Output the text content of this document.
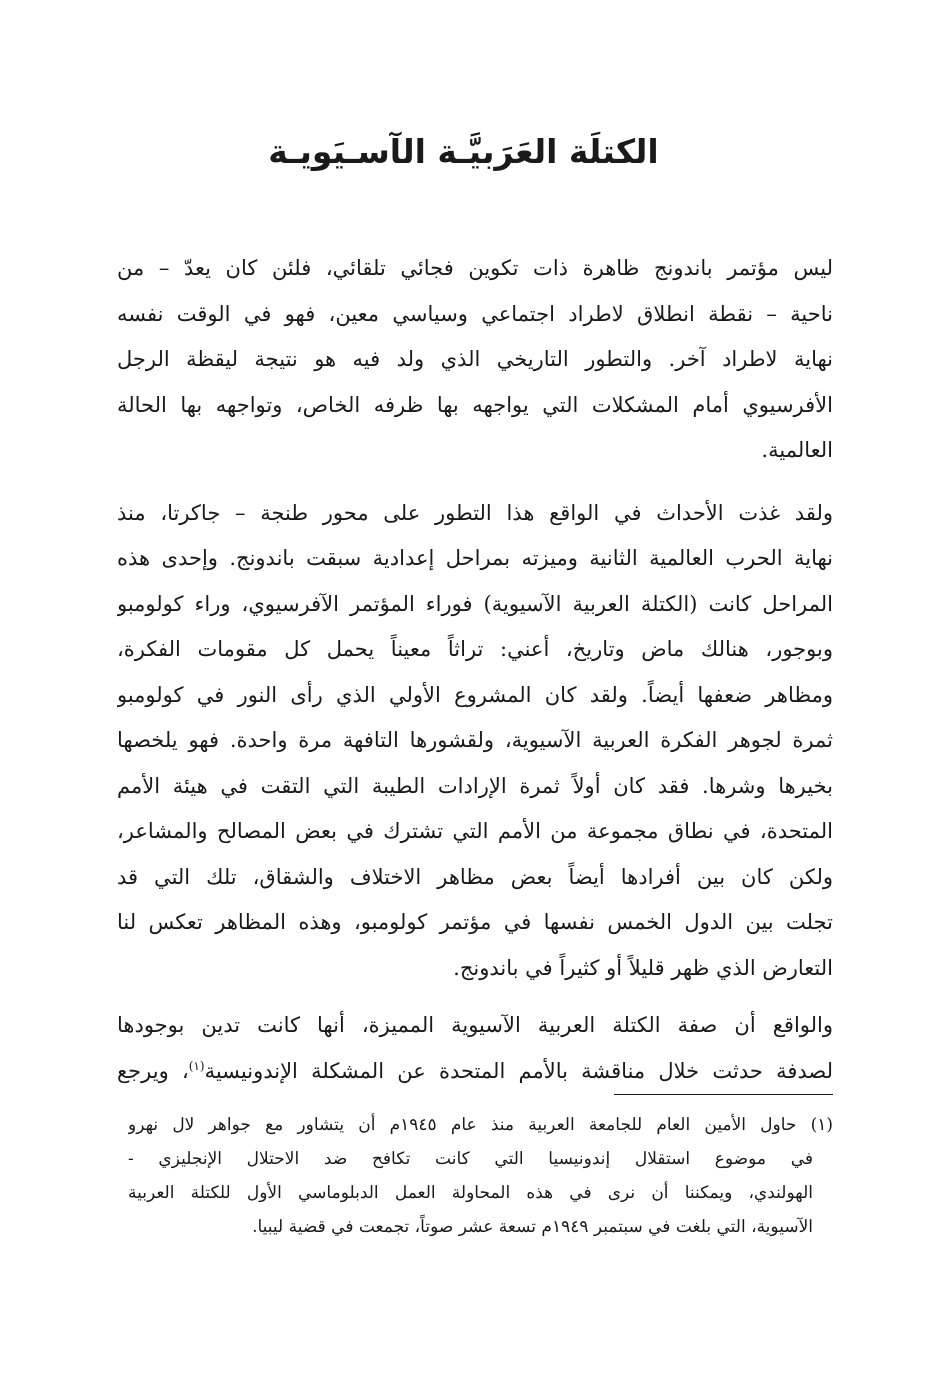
الكتلَة العَرَبيَّـة الآسـيَويـة
ليس مؤتمر باندونج ظاهرة ذات تكوين فجائي تلقائي، فلئن كان يعدّ – من
ناحية – نقطة انطلاق لاطراد اجتماعي وسياسي معين، فهو في الوقت نفسه
نهاية لاطراد آخر. والتطور التاريخي الذي ولد فيه هو نتيجة ليقظة الرجل
الأفرسيوي أمام المشكلات التي يواجهه بها ظرفه الخاص، وتواجهه بها الحالة
العالمية.
ولقد غذت الأحداث في الواقع هذا التطور على محور طنجة – جاكرتا، منذ
نهاية الحرب العالمية الثانية وميزته بمراحل إعدادية سبقت باندونج. وإحدى هذه
المراحل كانت (الكتلة العربية الآسيوية) فوراء المؤتمر الآفرسيوي، وراء كولومبو
وبوجور، هنالك ماض وتاريخ، أعني: تراثاً معيناً يحمل كل مقومات الفكرة،
ومظاهر ضعفها أيضاً. ولقد كان المشروع الأولي الذي رأى النور في كولومبو
ثمرة لجوهر الفكرة العربية الآسيوية، ولقشورها التافهة مرة واحدة. فهو يلخصها
بخيرها وشرها. فقد كان أولاً ثمرة الإرادات الطيبة التي التقت في هيئة الأمم
المتحدة، في نطاق مجموعة من الأمم التي تشترك في بعض المصالح والمشاعر،
ولكن كان بين أفرادها أيضاً بعض مظاهر الاختلاف والشقاق، تلك التي قد
تجلت بين الدول الخمس نفسها في مؤتمر كولومبو، وهذه المظاهر تعكس لنا
التعارض الذي ظهر قليلاً أو كثيراً في باندونج.
والواقع أن صفة الكتلة العربية الآسيوية المميزة، أنها كانت تدين بوجودها
لصدفة حدثت خلال مناقشة بالأمم المتحدة عن المشكلة الإندونيسية$^{(١)}$، ويرجع
(١) حاول الأمين العام للجامعة العربية منذ عام ١٩٤٥م أن يتشاور مع جواهر لال نهرو
في موضوع استقلال إندونيسيا التي كانت تكافح ضد الاحتلال الإنجليزي -
الهولندي، ويمكننا أن نرى في هذه المحاولة العمل الدبلوماسي الأول للكتلة العربية
الآسيوية، التي بلغت في سبتمبر ١٩٤٩م تسعة عشر صوتاً، تجمعت في قضية ليبيا.
